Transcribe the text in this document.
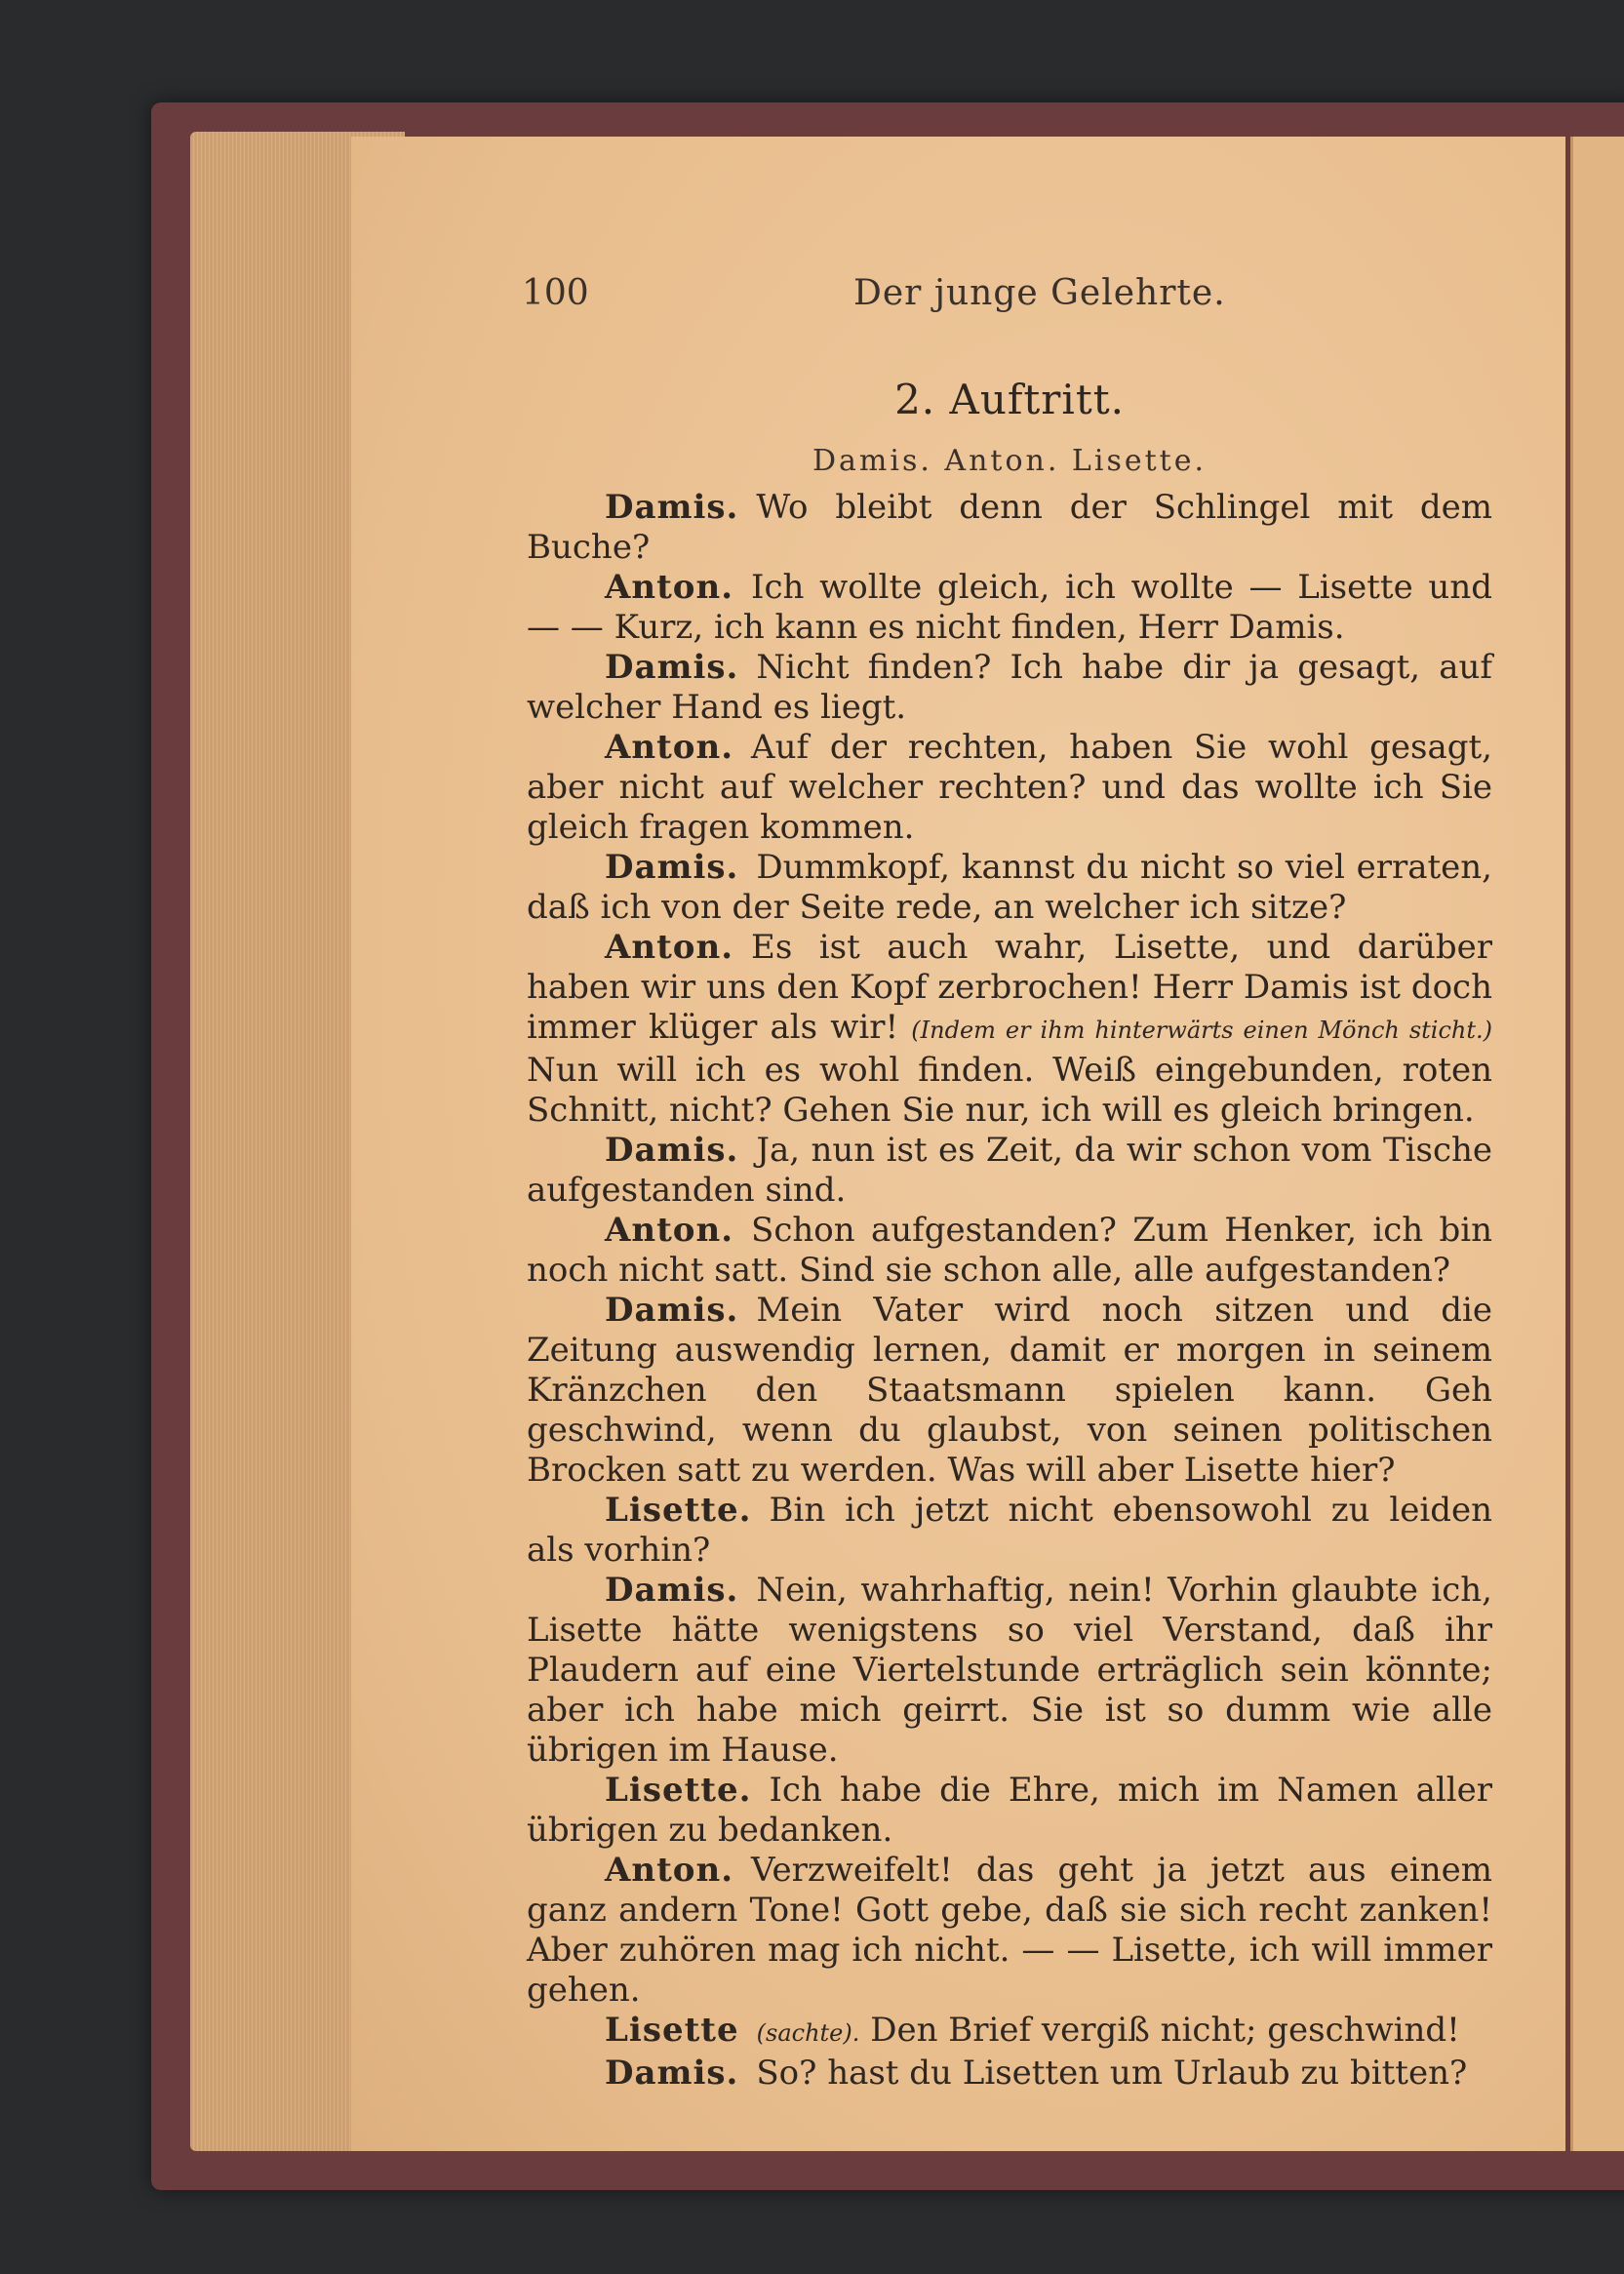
100	Der junge Gelehrte.
2. Auftritt.
Damis. Anton. Lisette.

Damis. Wo bleibt denn der Schlingel mit dem Buche?

Anton. Ich wollte gleich, ich wollte — Lisette und — — Kurz, ich kann es nicht finden, Herr Damis.

Damis. Nicht finden? Ich habe dir ja gesagt, auf welcher Hand es liegt.

Anton. Auf der rechten, haben Sie wohl gesagt, aber nicht auf welcher rechten? und das wollte ich Sie gleich fragen kommen.

Damis. Dummkopf, kannst du nicht so viel erraten, daß ich von der Seite rede, an welcher ich sitze?

Anton. Es ist auch wahr, Lisette, und darüber haben wir uns den Kopf zerbrochen! Herr Damis ist doch immer klüger als wir! (Indem er ihm hinterwärts einen Mönch sticht.) Nun will ich es wohl finden. Weiß eingebunden, roten Schnitt, nicht? Gehen Sie nur, ich will es gleich bringen.

Damis. Ja, nun ist es Zeit, da wir schon vom Tische aufgestanden sind.

Anton. Schon aufgestanden? Zum Henker, ich bin noch nicht satt. Sind sie schon alle, alle aufgestanden?

Damis. Mein Vater wird noch sitzen und die Zeitung auswendig lernen, damit er morgen in seinem Kränzchen den Staatsmann spielen kann. Geh geschwind, wenn du glaubst, von seinen politischen Brocken satt zu werden. Was will aber Lisette hier?

Lisette. Bin ich jetzt nicht ebensowohl zu leiden als vorhin?

Damis. Nein, wahrhaftig, nein! Vorhin glaubte ich, Lisette hätte wenigstens so viel Verstand, daß ihr Plaudern auf eine Viertelstunde erträglich sein könnte; aber ich habe mich geirrt. Sie ist so dumm wie alle übrigen im Hause.

Lisette. Ich habe die Ehre, mich im Namen aller übrigen zu bedanken.

Anton. Verzweifelt! das geht ja jetzt aus einem ganz andern Tone! Gott gebe, daß sie sich recht zanken! Aber zuhören mag ich nicht. — — Lisette, ich will immer gehen.

Lisette (sachte). Den Brief vergiß nicht; geschwind!

Damis. So? hast du Lisetten um Urlaub zu bitten?
